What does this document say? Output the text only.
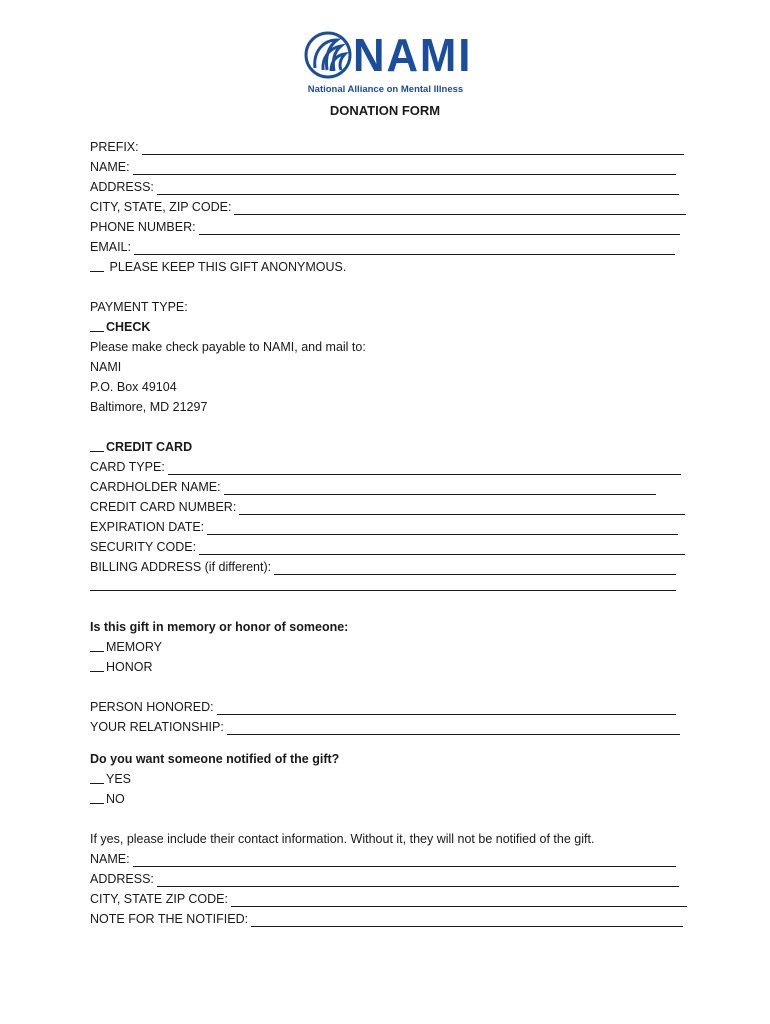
NAMI
National Alliance on Mental Illness
DONATION FORM
PREFIX:
NAME:
ADDRESS:
CITY, STATE, ZIP CODE:
PHONE NUMBER:
EMAIL:
PLEASE KEEP THIS GIFT ANONYMOUS.
PAYMENT TYPE:
CHECK
Please make check payable to NAMI, and mail to:
NAMI
P.O. Box 49104
Baltimore, MD 21297
CREDIT CARD
CARD TYPE:
CARDHOLDER NAME:
CREDIT CARD NUMBER:
EXPIRATION DATE:
SECURITY CODE:
BILLING ADDRESS (if different):
Is this gift in memory or honor of someone:
MEMORY
HONOR
PERSON HONORED:
YOUR RELATIONSHIP:
Do you want someone notified of the gift?
YES
NO
If yes, please include their contact information. Without it, they will not be notified of the gift.
NAME:
ADDRESS:
CITY, STATE ZIP CODE:
NOTE FOR THE NOTIFIED:
